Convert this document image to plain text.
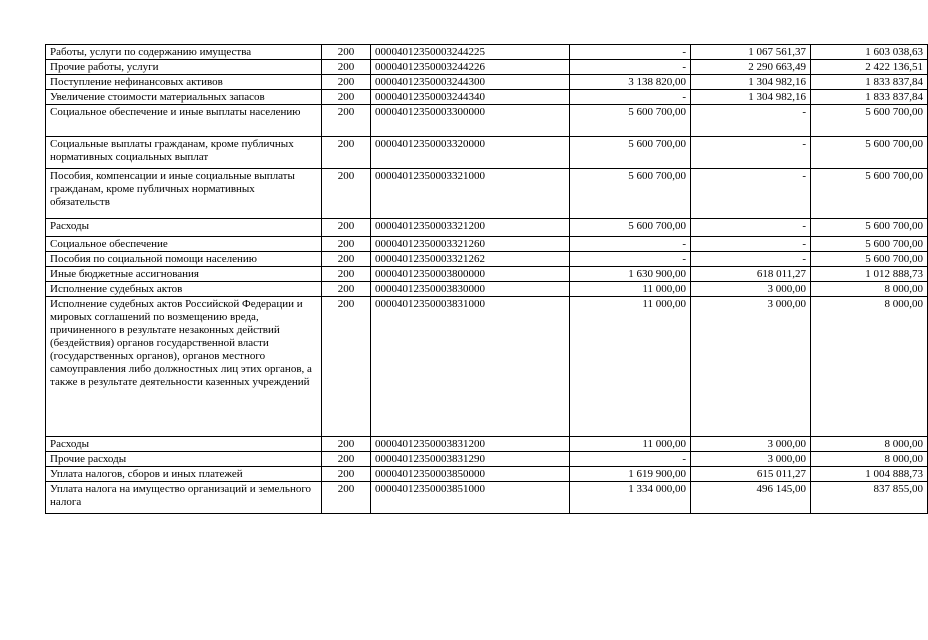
Работы, услуги по содержанию имущества	200	00004012350003244225	-	1 067 561,37	1 603 038,63
Прочие работы, услуги	200	00004012350003244226	-	2 290 663,49	2 422 136,51
Поступление нефинансовых активов	200	00004012350003244300	3 138 820,00	1 304 982,16	1 833 837,84
Увеличение стоимости материальных запасов	200	00004012350003244340	-	1 304 982,16	1 833 837,84
Социальное обеспечение и иные выплаты населению	200	00004012350003300000	5 600 700,00	-	5 600 700,00
Социальные выплаты гражданам, кроме публичных нормативных социальных выплат	200	00004012350003320000	5 600 700,00	-	5 600 700,00
Пособия, компенсации и иные социальные выплаты гражданам, кроме публичных нормативных обязательств	200	00004012350003321000	5 600 700,00	-	5 600 700,00
Расходы	200	00004012350003321200	5 600 700,00	-	5 600 700,00
Социальное обеспечение	200	00004012350003321260	-	-	5 600 700,00
Пособия по социальной помощи населению	200	00004012350003321262	-	-	5 600 700,00
Иные бюджетные ассигнования	200	00004012350003800000	1 630 900,00	618 011,27	1 012 888,73
Исполнение судебных актов	200	00004012350003830000	11 000,00	3 000,00	8 000,00
Исполнение судебных актов Российской Федерации и мировых соглашений по возмещению вреда, причиненного в результате незаконных действий (бездействия) органов государственной власти (государственных органов), органов местного самоуправления либо должностных лиц этих органов, а также в результате деятельности казенных учреждений	200	00004012350003831000	11 000,00	3 000,00	8 000,00
Расходы	200	00004012350003831200	11 000,00	3 000,00	8 000,00
Прочие расходы	200	00004012350003831290	-	3 000,00	8 000,00
Уплата налогов, сборов и иных платежей	200	00004012350003850000	1 619 900,00	615 011,27	1 004 888,73
Уплата налога на имущество организаций и земельного налога	200	00004012350003851000	1 334 000,00	496 145,00	837 855,00
